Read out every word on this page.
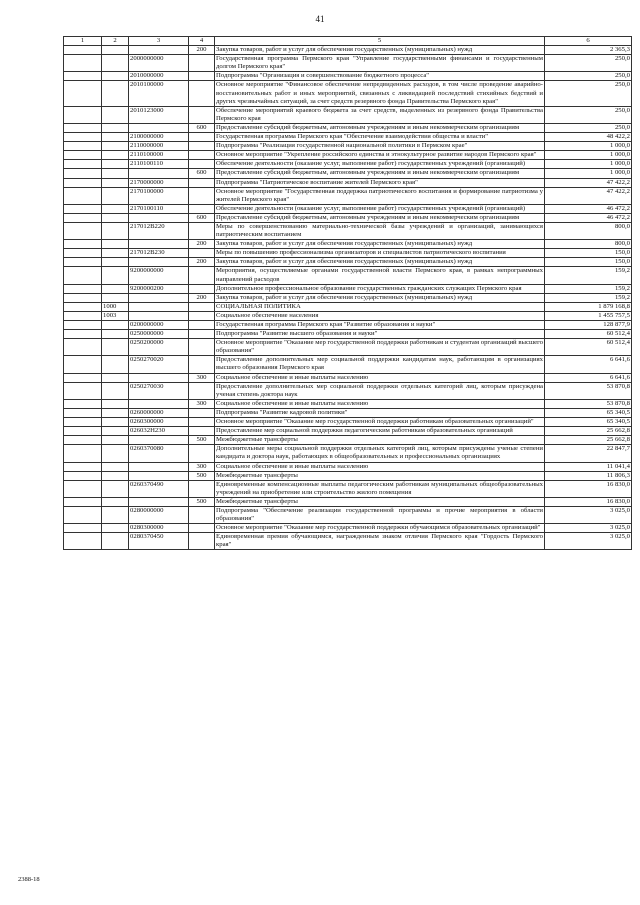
41
1	2	3	4	5	6
			200	Закупка товаров, работ и услуг для обеспечения государственных (муниципальных) нужд	2 365,3
		2000000000		Государственная программа Пермского края "Управление государственными финансами и государственным долгом Пермского края"	250,0
		2010000000		Подпрограмма "Организация и совершенствование бюджетного процесса"	250,0
		2010100000		Основное мероприятие "Финансовое обеспечение непредвиденных расходов, в том числе проведение аварийно-восстановительных работ и иных мероприятий, связанных с ликвидацией последствий стихийных бедствий и других чрезвычайных ситуаций, за счет средств резервного фонда Правительства Пермского края"	250,0
		2010123000		Обеспечение мероприятий краевого бюджета за счет средств, выделенных из резервного фонда Правительства Пермского края	250,0
			600	Предоставление субсидий бюджетным, автономным учреждениям и иным некоммерческим организациям	250,0
		2100000000		Государственная программа Пермского края "Обеспечение взаимодействия общества и власти"	48 422,2
		2110000000		Подпрограмма "Реализация государственной национальной политики в Пермском крае"	1 000,0
		2110100000		Основное мероприятие "Укрепление российского единства и этнокультурное развитие народов Пермского края"	1 000,0
		2110100110		Обеспечение деятельности (оказание услуг, выполнение работ) государственных учреждений (организаций)	1 000,0
			600	Предоставление субсидий бюджетным, автономным учреждениям и иным некоммерческим организациям	1 000,0
		2170000000		Подпрограмма "Патриотическое воспитание жителей Пермского края"	47 422,2
		2170100000		Основное мероприятие "Государственная поддержка патриотического воспитания и формирование патриотизма у жителей Пермского края"	47 422,2
		2170100110		Обеспечение деятельности (оказание услуг, выполнение работ) государственных учреждений (организаций)	46 472,2
			600	Предоставление субсидий бюджетным, автономным учреждениям и иным некоммерческим организациям	46 472,2
		217012В220		Меры по совершенствованию материально-технической базы учреждений и организаций, занимающихся патриотическим воспитанием	800,0
			200	Закупка товаров, работ и услуг для обеспечения государственных (муниципальных) нужд	800,0
		217012В230		Меры по повышению профессионализма организаторов и специалистов патриотического воспитания	150,0
			200	Закупка товаров, работ и услуг для обеспечения государственных (муниципальных) нужд	150,0
		9200000000		Мероприятия, осуществляемые органами государственной власти Пермского края, в рамках непрограммных направлений расходов	159,2
		9200000200		Дополнительное профессиональное образование государственных гражданских служащих Пермского края	159,2
			200	Закупка товаров, работ и услуг для обеспечения государственных (муниципальных) нужд	159,2
	1000			СОЦИАЛЬНАЯ ПОЛИТИКА	1 879 168,8
	1003			Социальное обеспечение населения	1 455 757,5
		0200000000		Государственная программа Пермского края "Развитие образования и науки"	128 877,9
		0250000000		Подпрограмма "Развитие высшего образования и науки"	60 512,4
		0250200000		Основное мероприятие "Оказание мер государственной поддержки работникам и студентам организаций высшего образования"	60 512,4
		0250270020		Предоставление дополнительных мер социальной поддержки кандидатам наук, работающим в организациях высшего образования Пермского края	6 641,6
			300	Социальное обеспечение и иные выплаты населению	6 641,6
		0250270030		Предоставление дополнительных мер социальной поддержки отдельных категорий лиц, которым присуждена ученая степень доктора наук	53 870,8
			300	Социальное обеспечение и иные выплаты населению	53 870,8
		0260000000		Подпрограмма "Развитие кадровой политики"	65 340,5
		0260300000		Основное мероприятие "Оказание мер государственной поддержки работникам образовательных организаций"	65 340,5
		026032Н230		Предоставление мер социальной поддержки педагогическим работникам образовательных организаций	25 662,8
			500	Межбюджетные трансферты	25 662,8
		0260370080		Дополнительные меры социальной поддержки отдельных категорий лиц, которым присуждены ученые степени кандидата и доктора наук, работающих в общеобразовательных и профессиональных организациях	22 847,7
			300	Социальное обеспечение и иные выплаты населению	11 041,4
			500	Межбюджетные трансферты	11 806,3
		0260370490		Единовременные компенсационные выплаты педагогическим работникам муниципальных общеобразовательных учреждений на приобретение или строительство жилого помещения	16 830,0
			500	Межбюджетные трансферты	16 830,0
		0280000000		Подпрограмма "Обеспечение реализации государственной программы и прочие мероприятия в области образования"	3 025,0
		0280300000		Основное мероприятие "Оказание мер государственной поддержки обучающимся образовательных организаций"	3 025,0
		0280370450		Единовременная премия обучающимся, награжденным знаком отличия Пермского края "Гордость Пермского края"	3 025,0
2388-18
